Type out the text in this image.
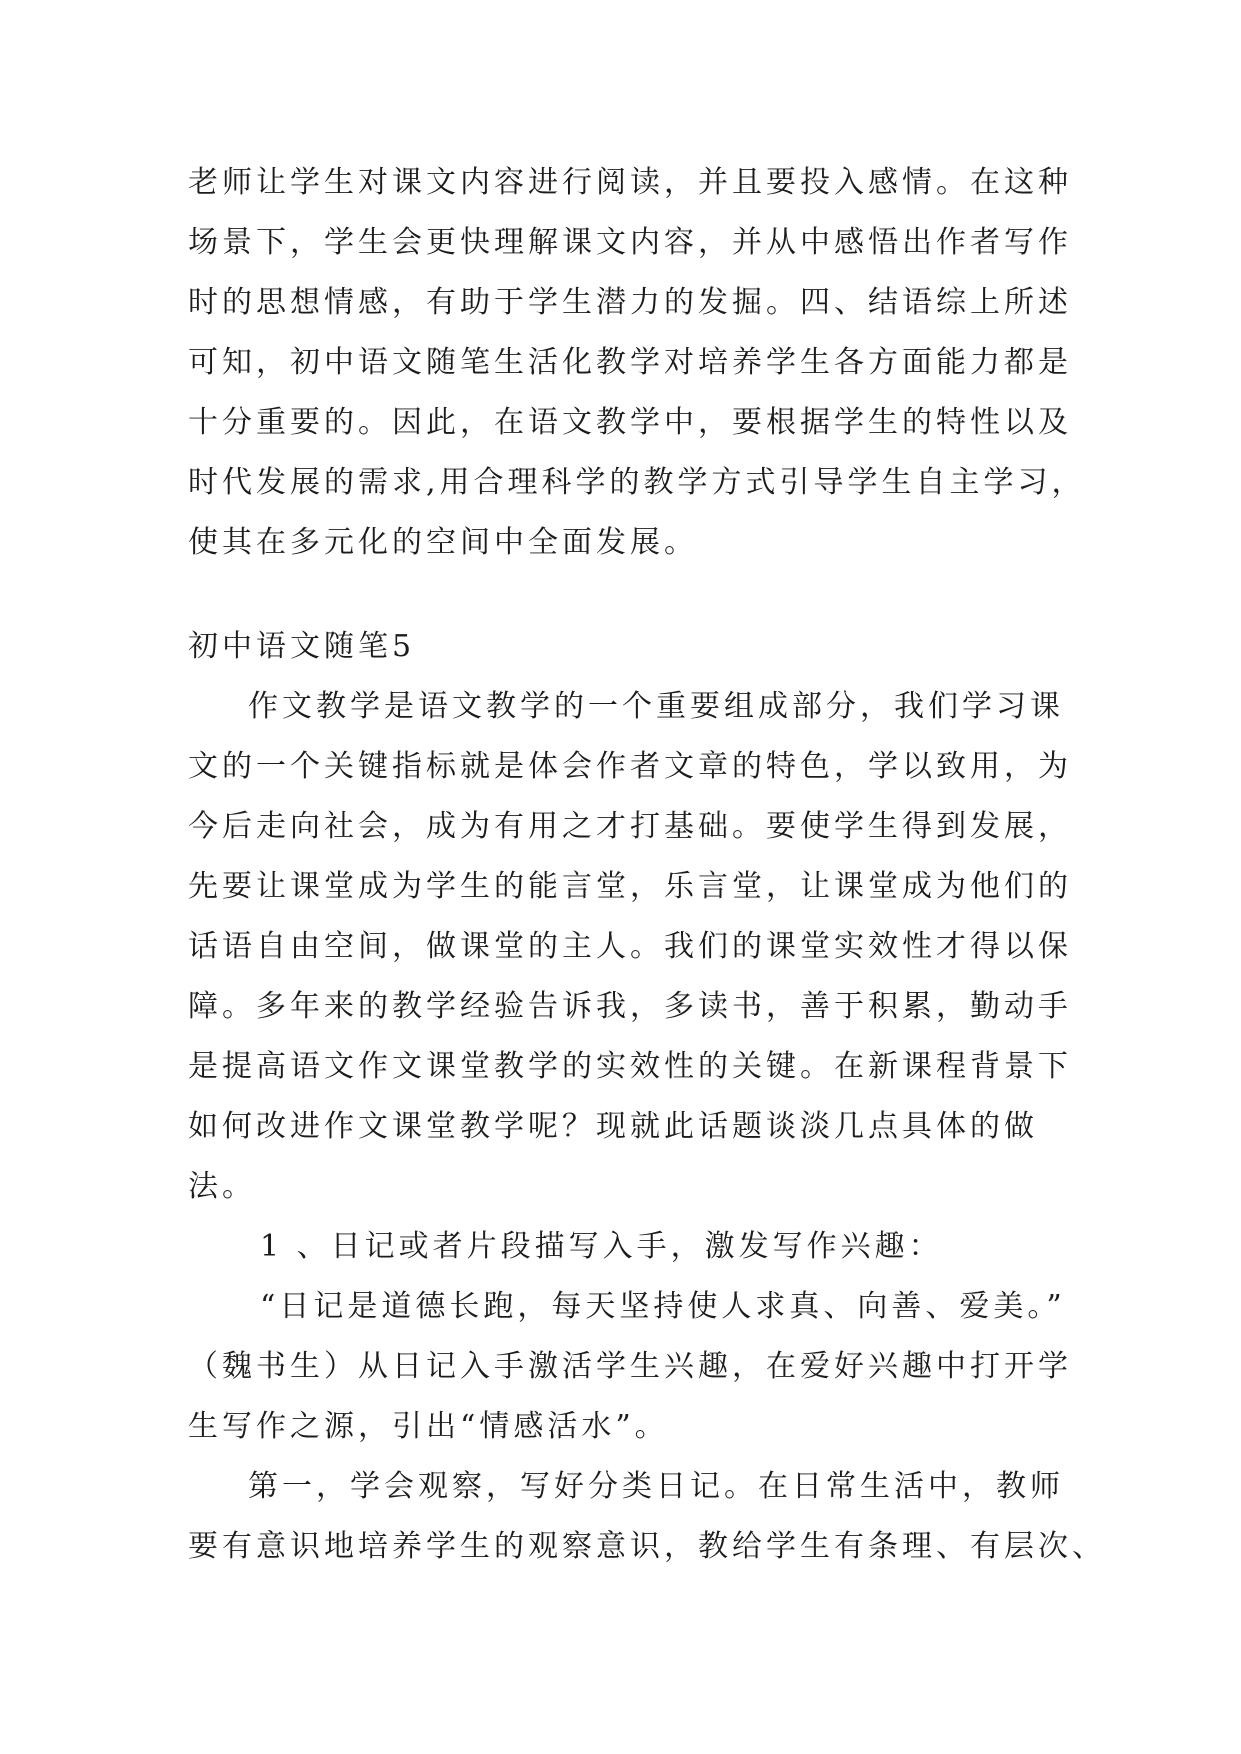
老师让学生对课文内容进行阅读，并且要投入感情。在这种
场景下，学生会更快理解课文内容，并从中感悟出作者写作
时的思想情感，有助于学生潜力的发掘。四、结语综上所述
可知，初中语文随笔生活化教学对培养学生各方面能力都是
十分重要的。因此，在语文教学中，要根据学生的特性以及
时代发展的需求,用合理科学的教学方式引导学生自主学习，
使其在多元化的空间中全面发展。
初中语文随笔5
作文教学是语文教学的一个重要组成部分，我们学习课
文的一个关键指标就是体会作者文章的特色，学以致用，为
今后走向社会，成为有用之才打基础。要使学生得到发展，
先要让课堂成为学生的能言堂，乐言堂，让课堂成为他们的
话语自由空间，做课堂的主人。我们的课堂实效性才得以保
障。多年来的教学经验告诉我，多读书，善于积累，勤动手
是提高语文作文课堂教学的实效性的关键。在新课程背景下
如何改进作文课堂教学呢？现就此话题谈淡几点具体的做
法。
1 、日记或者片段描写入手，激发写作兴趣：
“日记是道德长跑，每天坚持使人求真、向善、爱美。”
（魏书生）从日记入手激活学生兴趣，在爱好兴趣中打开学
生写作之源，引出“情感活水”。
第一，学会观察，写好分类日记。在日常生活中，教师
要有意识地培养学生的观察意识，教给学生有条理、有层次、
